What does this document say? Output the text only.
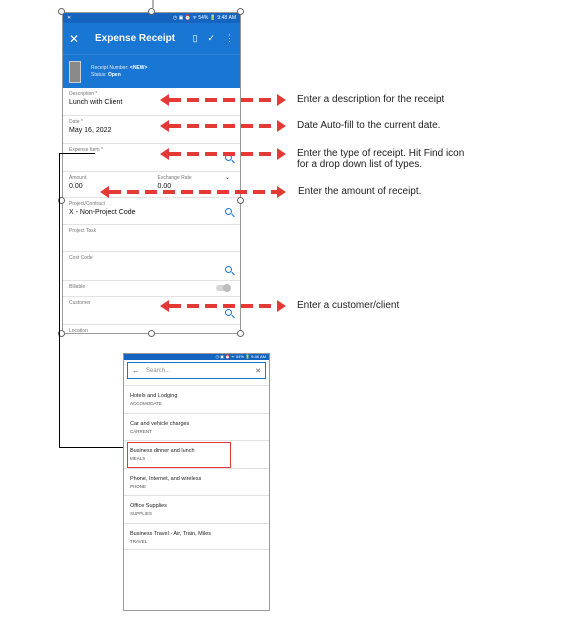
✕	◷ ▣ ⏰ ᯤ 54% 🔋 9:48 AM
✕	Expense Receipt	▯ ✓ ⋮
Receipt Number: <NEW>
Status: Open
Description *
Lunch with Client
Date *
May 16, 2022
Expense Item *
Amount
0.00
Exchange Rate
0.00
⌄
Project/Contract
X - Non-Project Code
Project Task
Cost Code
Billable
Customer
Location
Enter a description for the receipt
Date Auto-fill to the current date.
Enter the type of receipt. Hit Find icon
for a drop down list of types.
Enter the amount of receipt.
Enter a customer/client
◷ ▣ ⏰ ᯤ 54% 🔋 9:48 AM
←	Search...	✕
Hotels and Lodging
ACCOMODATE
Car and vehicle charges
CARRENT
Business dinner and lunch
MEALS
Phone, Internet, and wireless
PHONE
Office Supplies
SUPPLIES
Business Travel - Air, Train, Miles
TRAVEL
